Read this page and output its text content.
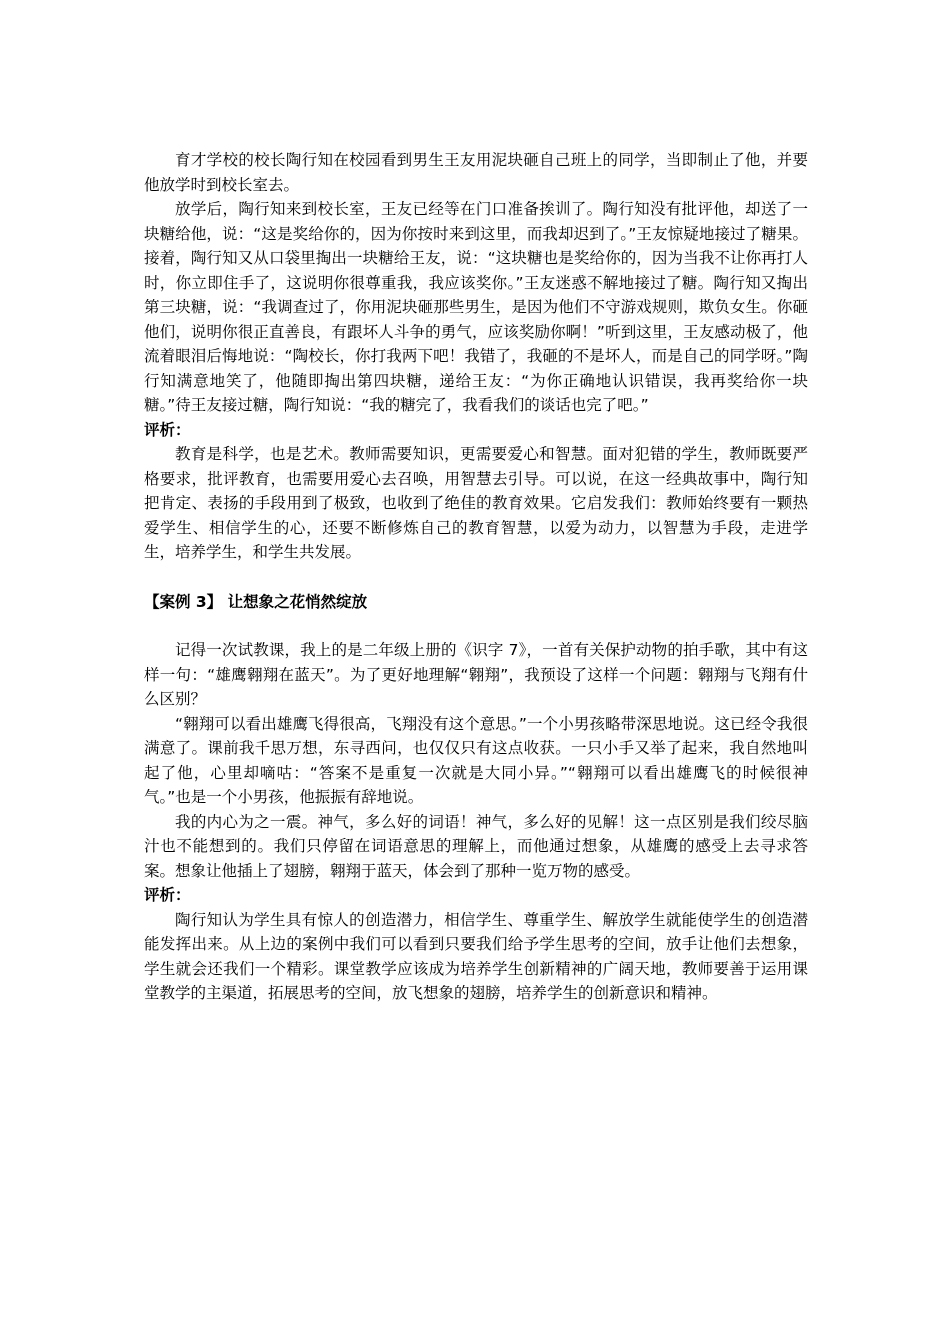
育才学校的校长陶行知在校园看到男生王友用泥块砸自己班上的同学，当即制止了他，并要他放学时到校长室去。

放学后，陶行知来到校长室，王友已经等在门口准备挨训了。陶行知没有批评他，却送了一块糖给他，说：“这是奖给你的，因为你按时来到这里，而我却迟到了。”王友惊疑地接过了糖果。接着，陶行知又从口袋里掏出一块糖给王友，说：“这块糖也是奖给你的，因为当我不让你再打人时，你立即住手了，这说明你很尊重我，我应该奖你。”王友迷惑不解地接过了糖。陶行知又掏出第三块糖，说：“我调查过了，你用泥块砸那些男生，是因为他们不守游戏规则，欺负女生。你砸他们，说明你很正直善良，有跟坏人斗争的勇气，应该奖励你啊！”听到这里，王友感动极了，他流着眼泪后悔地说：“陶校长，你打我两下吧！我错了，我砸的不是坏人，而是自己的同学呀。”陶行知满意地笑了，他随即掏出第四块糖，递给王友：“为你正确地认识错误，我再奖给你一块糖。”待王友接过糖，陶行知说：“我的糖完了，我看我们的谈话也完了吧。”

评析：

教育是科学，也是艺术。教师需要知识，更需要爱心和智慧。面对犯错的学生，教师既要严格要求，批评教育，也需要用爱心去召唤，用智慧去引导。可以说，在这一经典故事中，陶行知把肯定、表扬的手段用到了极致，也收到了绝佳的教育效果。它启发我们：教师始终要有一颗热爱学生、相信学生的心，还要不断修炼自己的教育智慧，以爱为动力，以智慧为手段，走进学生，培养学生，和学生共发展。

【案例 3】 让想象之花悄然绽放

记得一次试教课，我上的是二年级上册的《识字 7》，一首有关保护动物的拍手歌，其中有这样一句：“雄鹰翱翔在蓝天”。为了更好地理解“翱翔”，我预设了这样一个问题：翱翔与飞翔有什么区别？

“翱翔可以看出雄鹰飞得很高，飞翔没有这个意思。”一个小男孩略带深思地说。这已经令我很满意了。课前我千思万想，东寻西问，也仅仅只有这点收获。一只小手又举了起来，我自然地叫起了他，心里却嘀咕：“答案不是重复一次就是大同小异。”“翱翔可以看出雄鹰飞的时候很神气。”也是一个小男孩，他振振有辞地说。

我的内心为之一震。神气，多么好的词语！神气，多么好的见解！这一点区别是我们绞尽脑汁也不能想到的。我们只停留在词语意思的理解上，而他通过想象，从雄鹰的感受上去寻求答案。想象让他插上了翅膀，翱翔于蓝天，体会到了那种一览万物的感受。

评析：

陶行知认为学生具有惊人的创造潜力，相信学生、尊重学生、解放学生就能使学生的创造潜能发挥出来。从上边的案例中我们可以看到只要我们给予学生思考的空间，放手让他们去想象，学生就会还我们一个精彩。课堂教学应该成为培养学生创新精神的广阔天地，教师要善于运用课堂教学的主渠道，拓展思考的空间，放飞想象的翅膀，培养学生的创新意识和精神。
